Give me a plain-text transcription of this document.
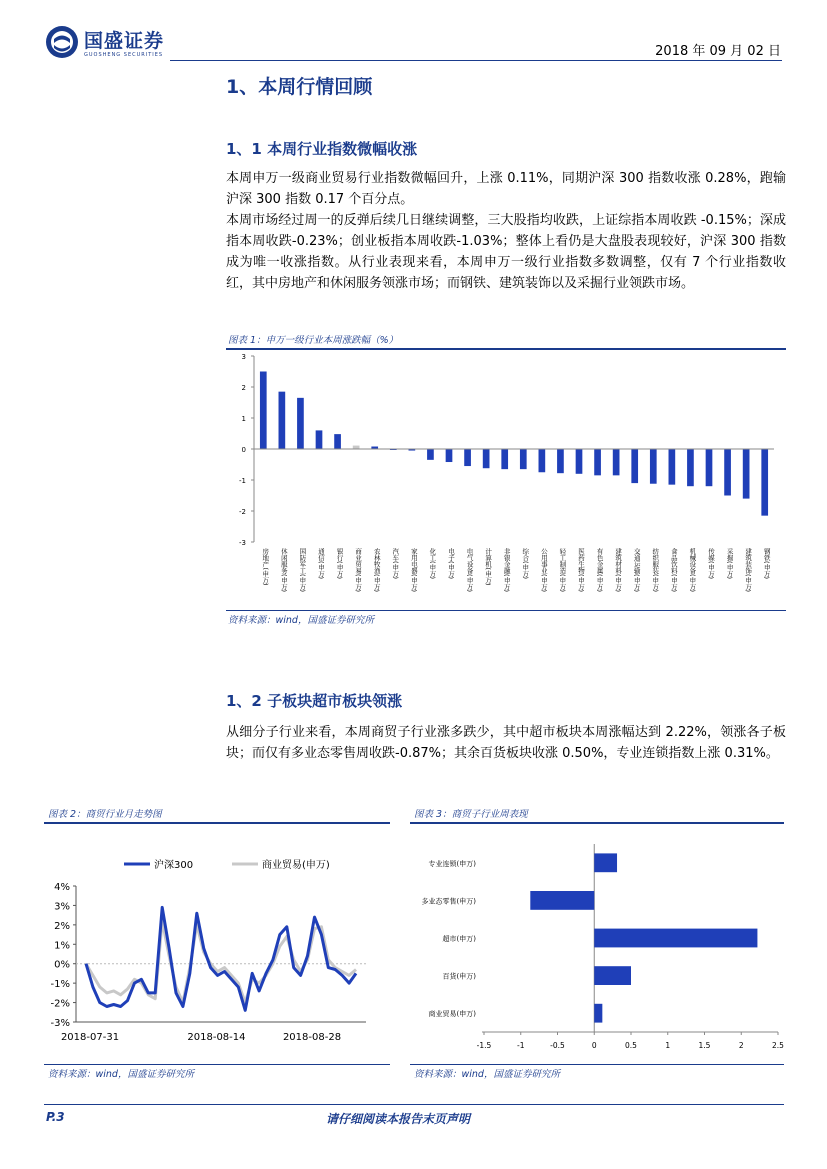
国盛证券
GUOSHENG SECURITIES	2018 年 09 月 02 日
1、本周行情回顾
1、1 本周行业指数微幅收涨
本周申万一级商业贸易行业指数微幅回升，上涨 0.11%，同期沪深 300 指数收涨 0.28%，跑输沪深 300 指数 0.17 个百分点。
本周市场经过周一的反弹后续几日继续调整，三大股指均收跌，上证综指本周收跌 -0.15%；深成指本周收跌-0.23%；创业板指本周收跌-1.03%；整体上看仍是大盘股表现较好，沪深 300 指数成为唯一收涨指数。从行业表现来看，本周申万一级行业指数多数调整，仅有 7 个行业指数收红，其中房地产和休闲服务领涨市场；而钢铁、建筑装饰以及采掘行业领跌市场。
图表 1：申万一级行业本周涨跌幅（%）
3
2
1
0
-1
-2
-3
房地产(申万) 休闲服务(申万) 国防军工(申万) 通信(申万) 银行(申万) 商业贸易(申万) 农林牧渔(申万) 汽车(申万) 家用电器(申万) 化工(申万) 电子(申万) 电气设备(申万) 计算机(申万) 非银金融(申万) 综合(申万) 公用事业(申万) 轻工制造(申万) 医药生物(申万) 有色金属(申万) 建筑材料(申万) 交通运输(申万) 纺织服装(申万) 食品饮料(申万) 机械设备(申万) 传媒(申万) 采掘(申万) 建筑装饰(申万) 钢铁(申万)
资料来源：wind，国盛证券研究所
1、2 子板块超市板块领涨
从细分子行业来看，本周商贸子行业涨多跌少，其中超市板块本周涨幅达到 2.22%，领涨各子板块；而仅有多业态零售周收跌-0.87%；其余百货板块收涨 0.50%，专业连锁指数上涨 0.31%。
图表 2：商贸行业月走势图
4%
3%
2%
1%
0%
-1%
-2%
-3%
沪深300	商业贸易(申万)
2018-07-31	2018-08-14	2018-08-28
资料来源：wind，国盛证券研究所
图表 3：商贸子行业周表现
-1.5	-1	-0.5	0	0.5	1	1.5	2	2.5
专业连锁(申万)
多业态零售(申万)
超市(申万)
百货(申万)
商业贸易(申万)
资料来源：wind，国盛证券研究所
P.3	请仔细阅读本报告末页声明
